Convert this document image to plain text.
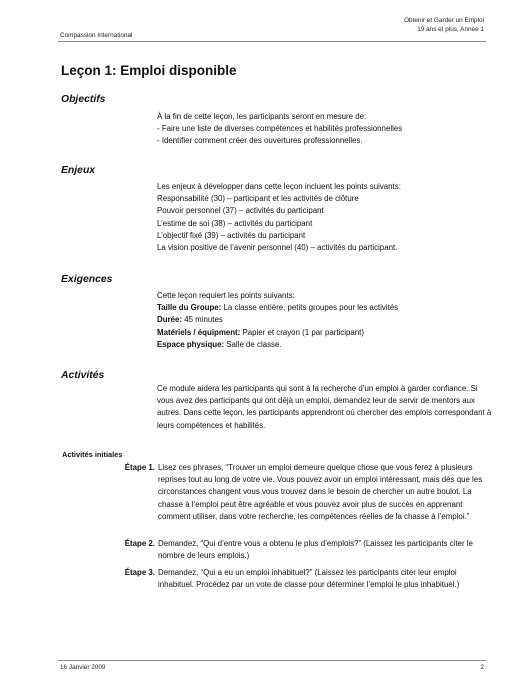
Compassion International
Obtenir et Garder un Emploi
19 ans et plus, Année 1
Leçon 1: Emploi disponible
Objectifs
À la fin de cette leçon, les participants seront en mesure de:
- Faire une liste de diverses compétences et habilités professionnelles
- Identifier comment créer des ouvertures professionnelles.
Enjeux
Les enjeux à développer dans cette leçon incluent les points suivants:
Responsabilité (30) – participant et les activités de clôture
Pouvoir personnel (37) – activités du participant
L’estime de soi (38) – activités du participant
L’objectif fixé (39) – activités du participant
La vision positive de l’avenir personnel (40) – activités du participant.
Exigences
Cette leçon requiert les points suivants:
Taille du Groupe: La classe entière, petits groupes pour les activités
Durée: 45 minutes
Matériels / équipment: Papier et crayon (1 par participant)
Espace physique: Salle de classe.
Activités
Ce module aidera les participants qui sont à la recherche d’un emploi à garder confiance. Si vous avez des participants qui ont déjà un emploi, demandez leur de servir de mentors aux autres. Dans cette leçon, les participants apprendront où chercher des emplois correspondant à leurs compétences et habilités.
Activités initiales
Étape 1. Lisez ces phrases, “Trouver un emploi demeure quelque chose que vous ferez à plusieurs reprises tout au long de votre vie. Vous pouvez avoir un emploi intéressant, mais dès que les circonstances changent vous vous trouvez dans le besoin de chercher un autre boulot. La chasse à l’emploi peut être agréable et vous pouvez avoir plus de succès en apprenant comment utiliser, dans votre recherche, les compétences réelles de la chasse à l’emploi.”
Étape 2. Demandez, “Qui d’entre vous a obtenu le plus d’emplois?” (Laissez les participants citer le nombre de leurs emplois.)
Étape 3. Demandez, “Qui a eu un emploi inhabituel?” (Laissez les participants citer leur emploi inhabituel. Procédez par un vote de classe pour déterminer l’emploi le plus inhabituel.)
16 Janvier 2009	2
